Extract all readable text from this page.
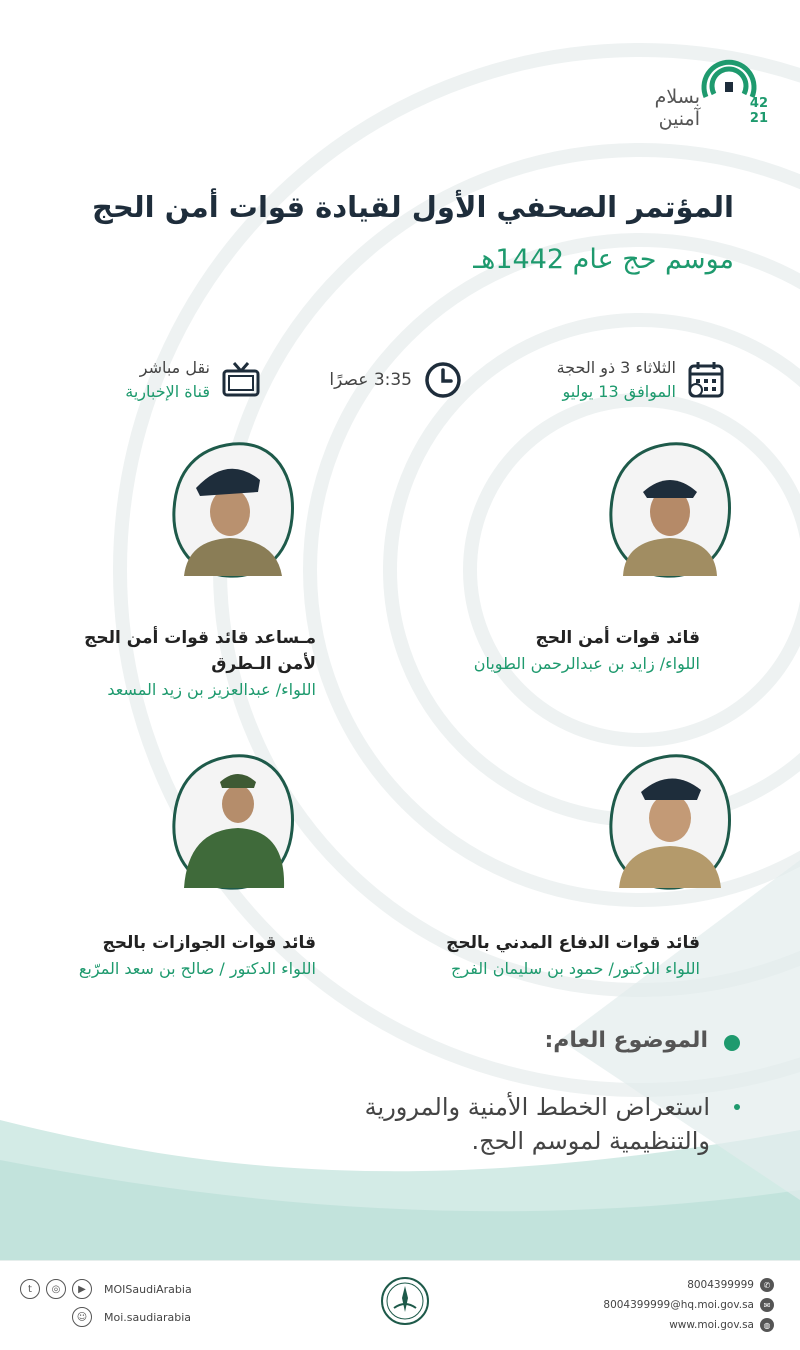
بسلام
آمنين
42
21
المؤتمر الصحفي الأول لقيادة قوات أمن الحج
موسم حج عام 1442هـ
الثلاثاء 3 ذو الحجة
الموافق 13 يوليو
3:35 عصرًا
نقل مباشر
قناة الإخبارية
قائد قوات أمن الحج
اللواء/ زايد بن عبدالرحمن الطويان
مـساعد قائد قوات أمن الحج
لأمن الـطرق
اللواء/ عبدالعزيز بن زيد المسعد
قائد قوات الدفاع المدني بالحج
اللواء الدكتور/ حمود بن سليمان الفرج
قائد قوات الجوازات بالحج
اللواء الدكتور / صالح بن سعد المرّبع
الموضوع العام:
استعراض الخطط الأمنية والمرورية
والتنظيمية لموسم الحج.
t	◎	▶	MOISaudiArabia
☺	Moi.saudiarabia
8004399999	✆
8004399999@hq.moi.gov.sa	✉
www.moi.gov.sa	◍
